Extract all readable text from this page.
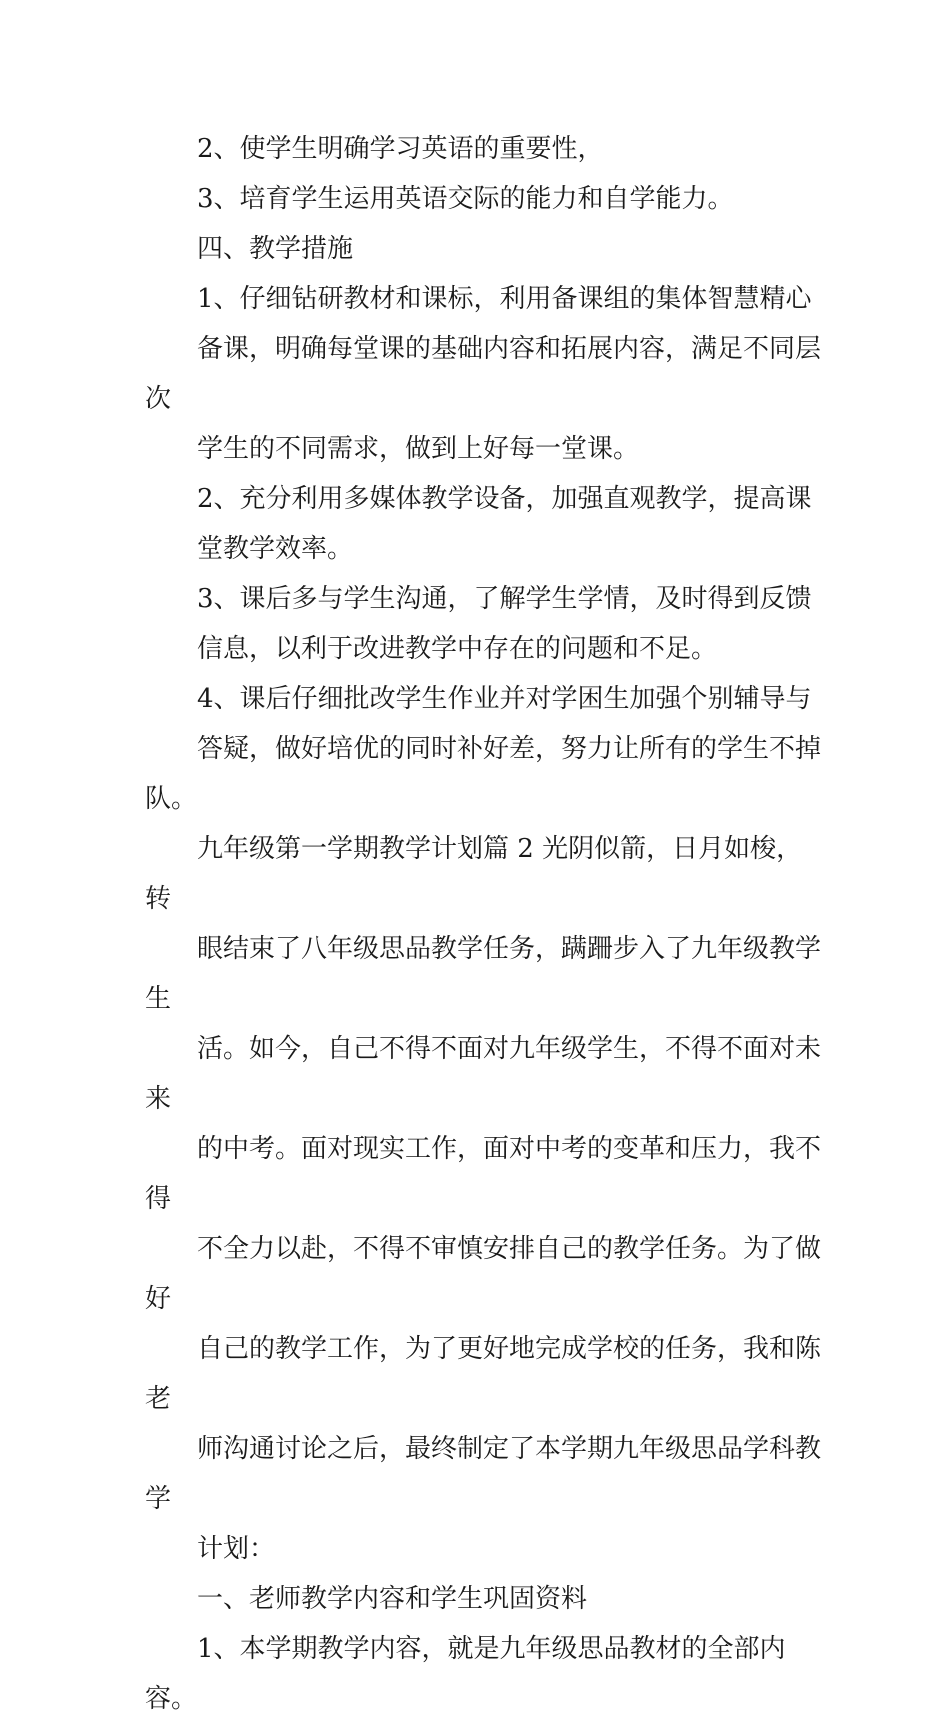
2、使学生明确学习英语的重要性，

3、培育学生运用英语交际的能力和自学能力。

四、教学措施

1、仔细钻研教材和课标，利用备课组的集体智慧精心
备课，明确每堂课的基础内容和拓展内容，满足不同层次
学生的不同需求，做到上好每一堂课。

2、充分利用多媒体教学设备，加强直观教学，提高课
堂教学效率。

3、课后多与学生沟通，了解学生学情，及时得到反馈
信息，以利于改进教学中存在的问题和不足。

4、课后仔细批改学生作业并对学困生加强个别辅导与
答疑，做好培优的同时补好差，努力让所有的学生不掉队。

九年级第一学期教学计划篇 2 光阴似箭，日月如梭，转
眼结束了八年级思品教学任务，蹒跚步入了九年级教学生
活。如今，自己不得不面对九年级学生，不得不面对未来
的中考。面对现实工作，面对中考的变革和压力，我不得
不全力以赴，不得不审慎安排自己的教学任务。为了做好
自己的教学工作，为了更好地完成学校的任务，我和陈老
师沟通讨论之后，最终制定了本学期九年级思品学科教学
计划：

一、老师教学内容和学生巩固资料

1、本学期教学内容，就是九年级思品教材的全部内容。
